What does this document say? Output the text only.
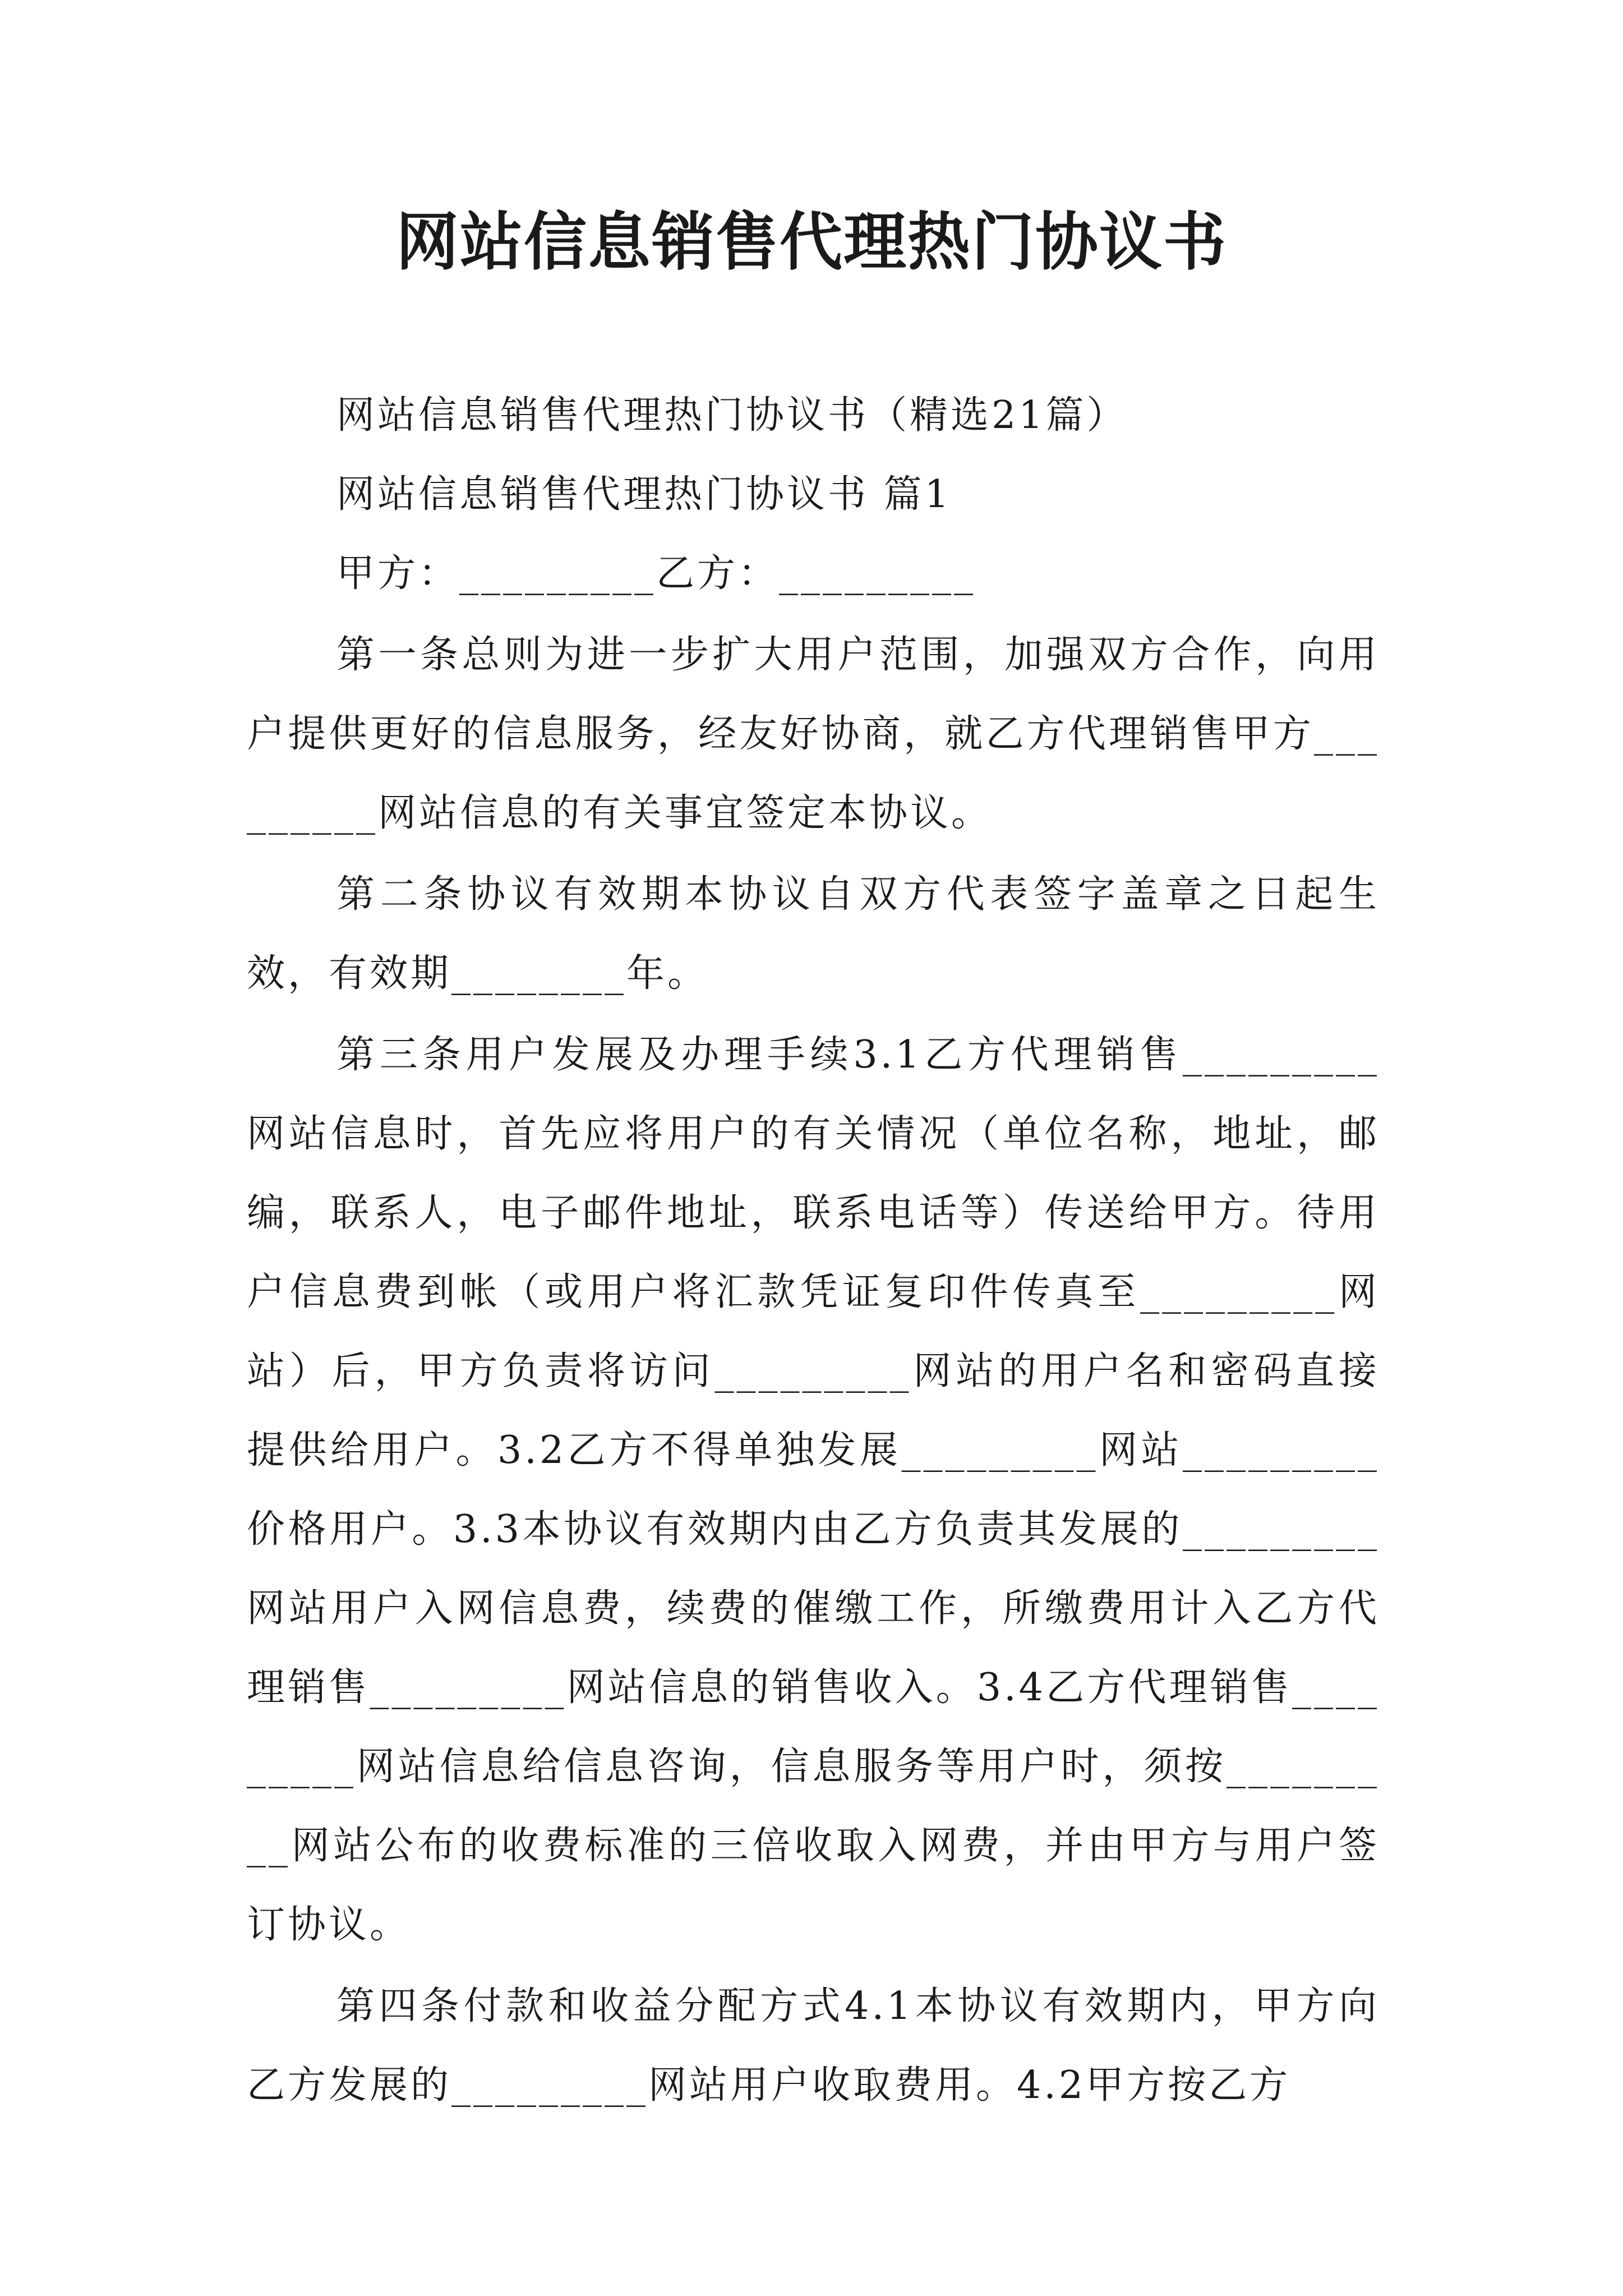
网站信息销售代理热门协议书

网站信息销售代理热门协议书（精选21篇）

网站信息销售代理热门协议书 篇1

甲方：_________乙方：_________

第一条总则为进一步扩大用户范围，加强双方合作，向用户提供更好的信息服务，经友好协商，就乙方代理销售甲方_________网站信息的有关事宜签定本协议。

第二条协议有效期本协议自双方代表签字盖章之日起生效，有效期________年。

第三条用户发展及办理手续3.1乙方代理销售_________网站信息时，首先应将用户的有关情况（单位名称，地址，邮编，联系人，电子邮件地址，联系电话等）传送给甲方。待用户信息费到帐（或用户将汇款凭证复印件传真至_________网站）后，甲方负责将访问_________网站的用户名和密码直接提供给用户。3.2乙方不得单独发展_________网站_________价格用户。3.3本协议有效期内由乙方负责其发展的_________网站用户入网信息费，续费的催缴工作，所缴费用计入乙方代理销售_________网站信息的销售收入。3.4乙方代理销售_________网站信息给信息咨询，信息服务等用户时，须按_________网站公布的收费标准的三倍收取入网费，并由甲方与用户签订协议。

第四条付款和收益分配方式4.1本协议有效期内，甲方向乙方发展的_________网站用户收取费用。4.2甲方按乙方
